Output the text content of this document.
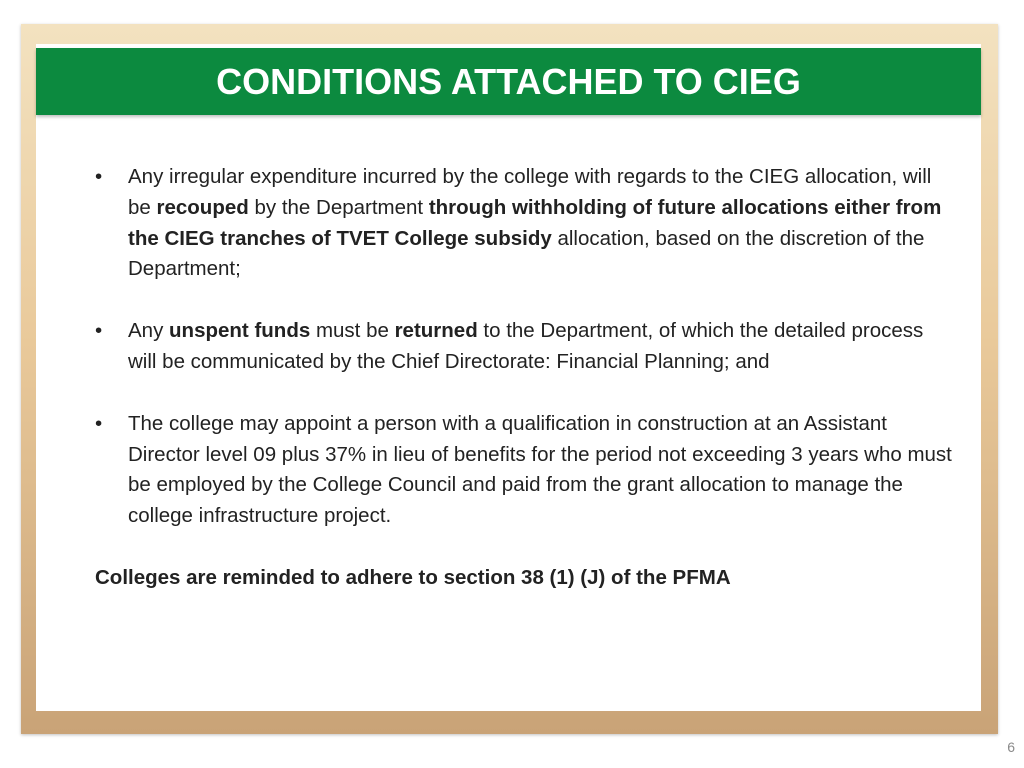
CONDITIONS ATTACHED TO CIEG
• Any irregular expenditure incurred by the college with regards to the CIEG allocation, will be recouped by the Department through withholding of future allocations either from the CIEG tranches of TVET College subsidy allocation, based on the discretion of the Department;
• Any unspent funds must be returned to the Department, of which the detailed process will be communicated by the Chief Directorate: Financial Planning; and
• The college may appoint a person with a qualification in construction at an Assistant Director level 09 plus 37% in lieu of benefits for the period not exceeding 3 years who must be employed by the College Council and paid from the grant allocation to manage the college infrastructure project.
Colleges are reminded to adhere to section 38 (1) (J) of the PFMA
6
